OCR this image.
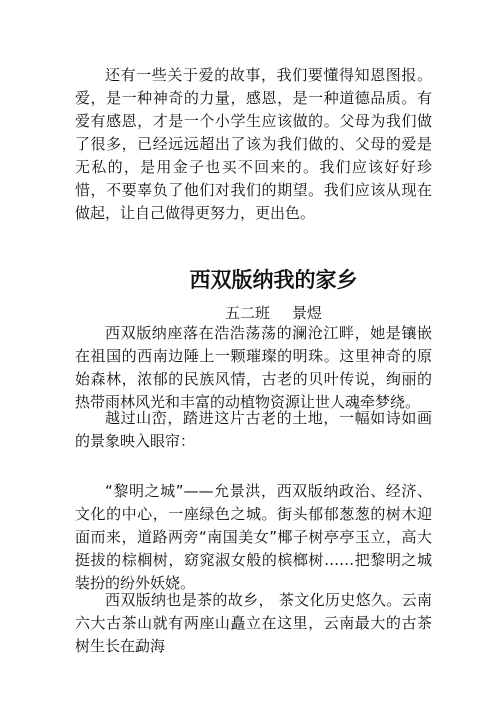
还有一些关于爱的故事，我们要懂得知恩图报。爱，是一种神奇的力量，感恩，是一种道德品质。有爱有感恩，才是一个小学生应该做的。父母为我们做了很多，已经远远超出了该为我们做的、父母的爱是无私的，是用金子也买不回来的。我们应该好好珍惜，不要辜负了他们对我们的期望。我们应该从现在做起，让自己做得更努力，更出色。

西双版纳我的家乡
五二班 景煜

西双版纳座落在浩浩荡荡的澜沧江畔，她是镶嵌在祖国的西南边陲上一颗璀璨的明珠。这里神奇的原始森林，浓郁的民族风情，古老的贝叶传说，绚丽的热带雨林风光和丰富的动植物资源让世人魂牵梦绕。

越过山峦，踏进这片古老的土地，一幅如诗如画的景象映入眼帘：

“黎明之城”——允景洪，西双版纳政治、经济、文化的中心，一座绿色之城。街头郁郁葱葱的树木迎面而来，道路两旁“南国美女”椰子树亭亭玉立，高大挺拔的棕榈树，窈窕淑女般的槟榔树……把黎明之城装扮的纷外妖娆。

西双版纳也是茶的故乡， 茶文化历史悠久。云南六大古茶山就有两座山矗立在这里，云南最大的古茶树生长在勐海
